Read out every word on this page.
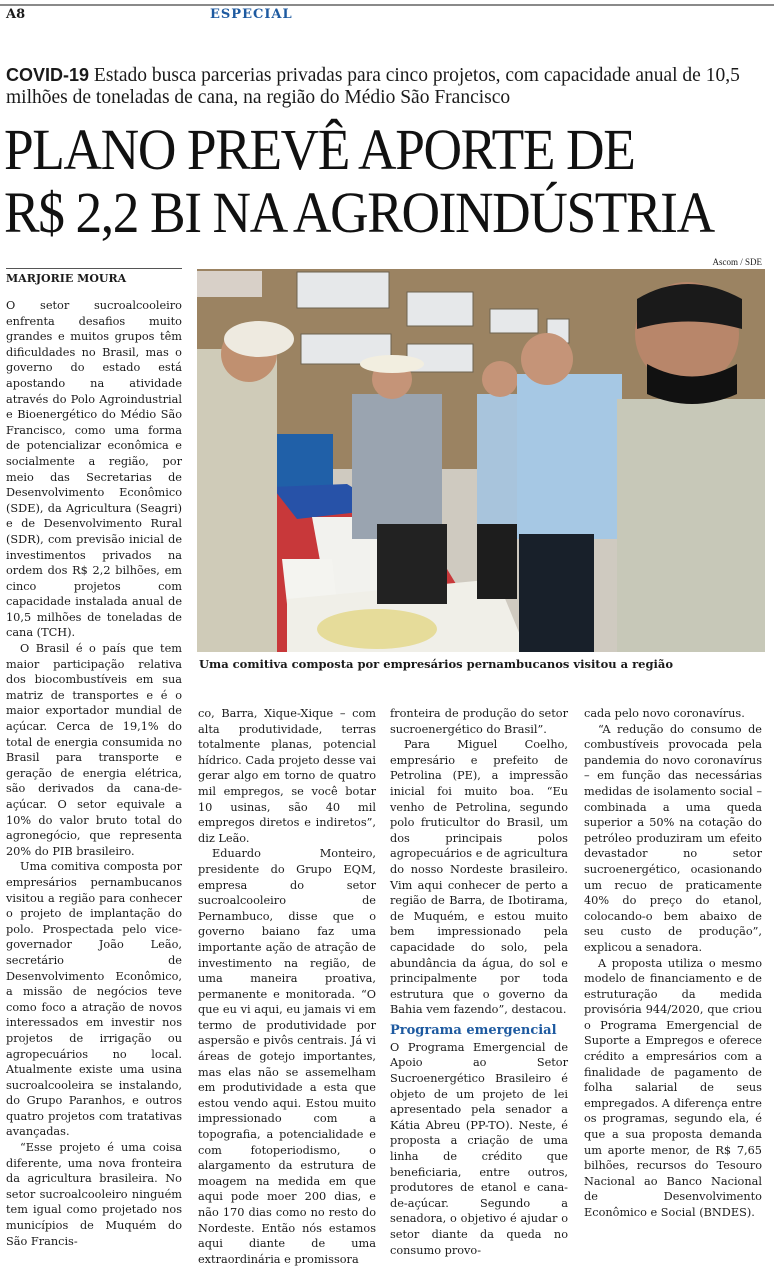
A8	ESPECIAL
COVID-19 Estado busca parcerias privadas para cinco projetos, com capacidade anual de 10,5 milhões de toneladas de cana, na região do Médio São Francisco
PLANO PREVÊ APORTE DE
R$ 2,2 BI NA AGROINDÚSTRIA
MARJORIE MOURA
Ascom / SDE
Uma comitiva composta por empresários pernambucanos visitou a região

O setor sucroalcooleiro enfrenta desafios muito grandes e muitos grupos têm dificuldades no Brasil, mas o governo do estado está apostando na atividade através do Polo Agroindustrial e Bioenergético do Médio São Francisco, como uma forma de potencializar econômica e socialmente a região, por meio das Secretarias de Desenvolvimento Econômico (SDE), da Agricultura (Seagri) e de Desenvolvimento Rural (SDR), com previsão inicial de investimentos privados na ordem dos R$ 2,2 bilhões, em cinco projetos com capacidade instalada anual de 10,5 milhões de toneladas de cana (TCH).

O Brasil é o país que tem maior participação relativa dos biocombustíveis em sua matriz de transportes e é o maior exportador mundial de açúcar. Cerca de 19,1% do total de energia consumida no Brasil para transporte e geração de energia elétrica, são derivados da cana-de-açúcar. O setor equivale a 10% do valor bruto total do agronegócio, que representa 20% do PIB brasileiro.

Uma comitiva composta por empresários pernambucanos visitou a região para conhecer o projeto de implantação do polo. Prospectada pelo vice-governador João Leão, secretário de Desenvolvimento Econômico, a missão de negócios teve como foco a atração de novos interessados em investir nos projetos de irrigação ou agropecuários no local. Atualmente existe uma usina sucroalcooleira se instalando, do Grupo Paranhos, e outros quatro projetos com tratativas avançadas.

“Esse projeto é uma coisa diferente, uma nova fronteira da agricultura brasileira. No setor sucroalcooleiro ninguém tem igual como projetado nos municípios de Muquém do São Francis-

co, Barra, Xique-Xique – com alta produtividade, terras totalmente planas, potencial hídrico. Cada projeto desse vai gerar algo em torno de quatro mil empregos, se você botar 10 usinas, são 40 mil empregos diretos e indiretos”, diz Leão.

Eduardo Monteiro, presidente do Grupo EQM, empresa do setor sucroalcooleiro de Pernambuco, disse que o governo baiano faz uma importante ação de atração de investimento na região, de uma maneira proativa, permanente e monitorada. “O que eu vi aqui, eu jamais vi em termo de produtividade por aspersão e pivôs centrais. Já vi áreas de gotejo importantes, mas elas não se assemelham em produtividade a esta que estou vendo aqui. Estou muito impressionado com a topografia, a potencialidade e com fotoperiodismo, o alargamento da estrutura de moagem na medida em que aqui pode moer 200 dias, e não 170 dias como no resto do Nordeste. Então nós estamos aqui diante de uma extraordinária e promissora

fronteira de produção do setor sucroenergético do Brasil”.

Para Miguel Coelho, empresário e prefeito de Petrolina (PE), a impressão inicial foi muito boa. “Eu venho de Petrolina, segundo polo fruticultor do Brasil, um dos principais polos agropecuários e de agricultura do nosso Nordeste brasileiro. Vim aqui conhecer de perto a região de Barra, de Ibotirama, de Muquém, e estou muito bem impressionado pela capacidade do solo, pela abundância da água, do sol e principalmente por toda estrutura que o governo da Bahia vem fazendo”, destacou.

Programa emergencial

O Programa Emergencial de Apoio ao Setor Sucroenergético Brasileiro é objeto de um projeto de lei apresentado pela senador a Kátia Abreu (PP-TO). Neste, é proposta a criação de uma linha de crédito que beneficiaria, entre outros, produtores de etanol e cana-de-açúcar. Segundo a senadora, o objetivo é ajudar o setor diante da queda no consumo provo-

cada pelo novo coronavírus.

“A redução do consumo de combustíveis provocada pela pandemia do novo coronavírus – em função das necessárias medidas de isolamento social – combinada a uma queda superior a 50% na cotação do petróleo produziram um efeito devastador no setor sucroenergético, ocasionando um recuo de praticamente 40% do preço do etanol, colocando-o bem abaixo de seu custo de produção”, explicou a senadora.

A proposta utiliza o mesmo modelo de financiamento e de estruturação da medida provisória 944/2020, que criou o Programa Emergencial de Suporte a Empregos e oferece crédito a empresários com a finalidade de pagamento de folha salarial de seus empregados. A diferença entre os programas, segundo ela, é que a sua proposta demanda um aporte menor, de R$ 7,65 bilhões, recursos do Tesouro Nacional ao Banco Nacional de Desenvolvimento Econômico e Social (BNDES).
